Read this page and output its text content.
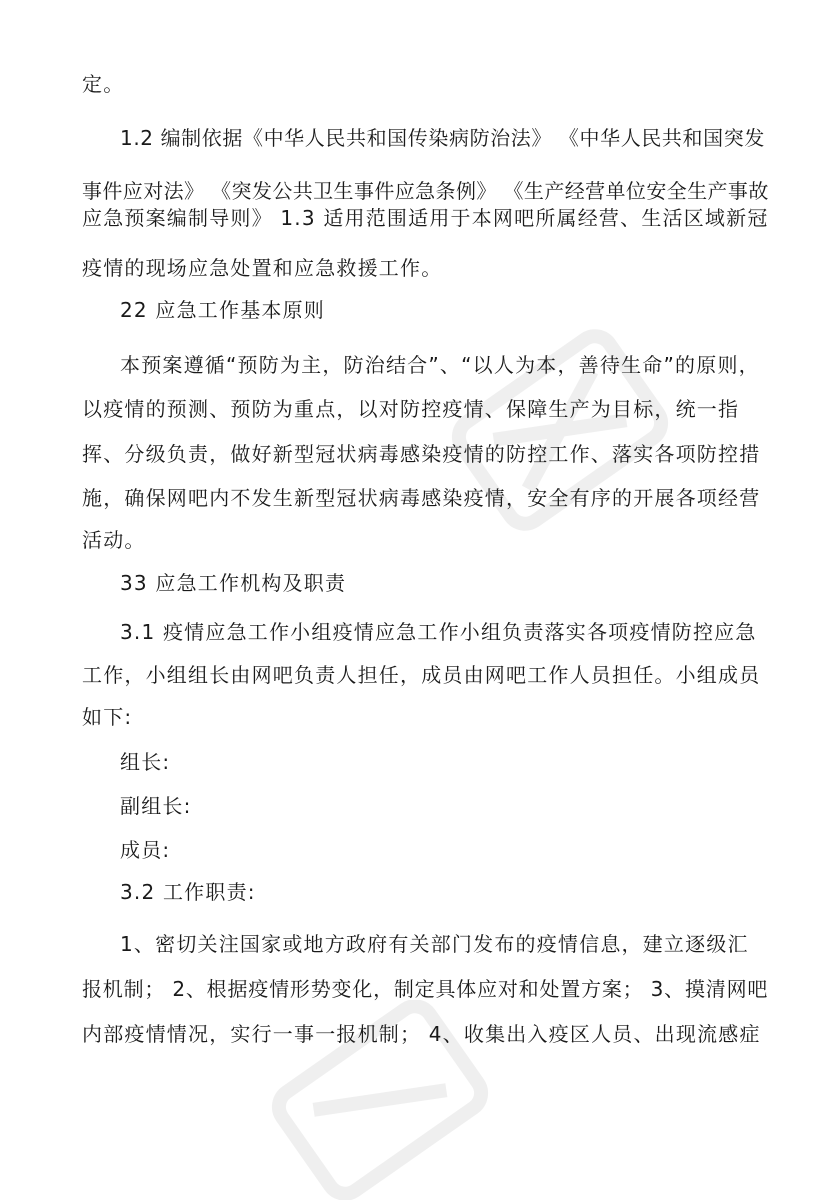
定。
1.2 编制依据《中华人民共和国传染病防治法》 《中华人民共和国突发
事件应对法》 《突发公共卫生事件应急条例》 《生产经营单位安全生产事故
应急预案编制导则》 1.3 适用范围适用于本网吧所属经营、生活区域新冠
疫情的现场应急处置和应急救援工作。
22 应急工作基本原则
本预案遵循“预防为主，防治结合”、“以人为本，善待生命”的原则，
以疫情的预测、预防为重点，以对防控疫情、保障生产为目标，统一指
挥、分级负责，做好新型冠状病毒感染疫情的防控工作、落实各项防控措
施，确保网吧内不发生新型冠状病毒感染疫情，安全有序的开展各项经营
活动。
33 应急工作机构及职责
3.1 疫情应急工作小组疫情应急工作小组负责落实各项疫情防控应急
工作，小组组长由网吧负责人担任，成员由网吧工作人员担任。小组成员
如下:
组长:
副组长:
成员:
3.2 工作职责:
1、密切关注国家或地方政府有关部门发布的疫情信息，建立逐级汇
报机制； 2、根据疫情形势变化，制定具体应对和处置方案； 3、摸清网吧
内部疫情情况，实行一事一报机制； 4、收集出入疫区人员、出现流感症
